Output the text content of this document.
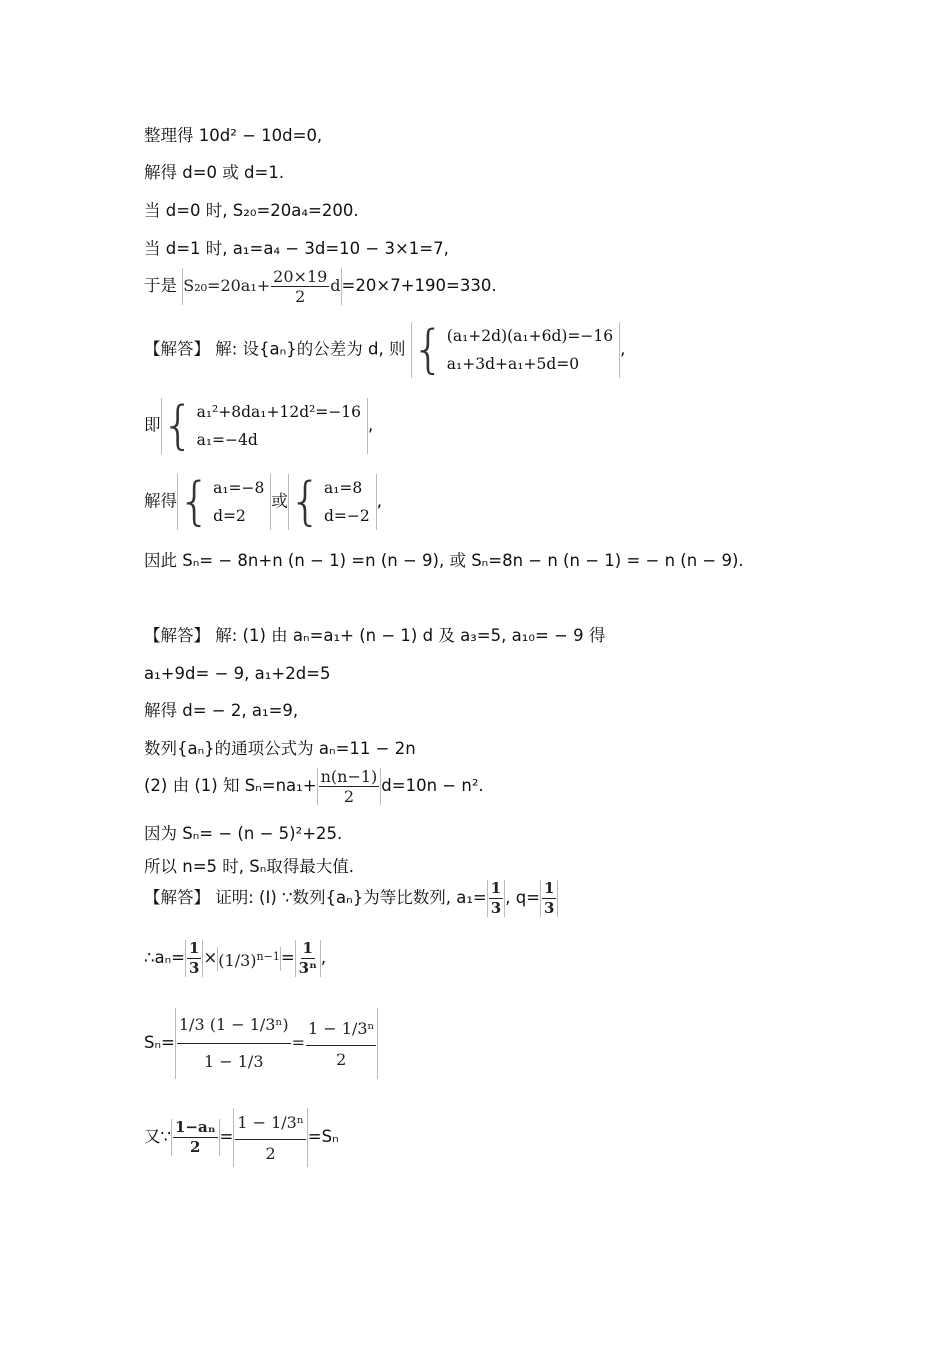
整理得 10d² − 10d=0,
解得 d=0 或 d=1.
当 d=0 时, S₂₀=20a₄=200.
当 d=1 时, a₁=a₄ − 3d=10 − 3×1=7,
于是 $S_{20}=20a_1+ \frac{20\times 19}{2} d=20\times 7+190=330$.
【解答】 解: 设{aₙ}的公差为 d, 则 { (a₁+2d)(a₁+6d)=−16
a₁+3d+a₁+5d=0
,
即 { a₁²+8da₁+12d²=−16
a₁=−4d
,
解得 { a₁=−8
d=2
或 { a₁=8
d=−2
,
因此 Sₙ= − 8n+n (n − 1) =n (n − 9), 或 Sₙ=8n − n (n − 1) = − n (n − 9).
【解答】 解: (1) 由 aₙ=a₁+ (n − 1) d 及 a₃=5, a₁₀= − 9 得
a₁+9d= − 9, a₁+2d=5
解得 d= − 2, a₁=9,
数列{aₙ}的通项公式为 aₙ=11 − 2n
(2) 由 (1) 知 $S_n=na_1+ \frac{n(n-1)}{2} d=10n - n^2$.
因为 Sₙ= − (n − 5)²+25.
所以 n=5 时, Sₙ取得最大值.
【解答】 证明: (Ⅰ) ∵数列{aₙ}为等比数列, $a_1= \frac{1}{3}$ , $q= \frac{1}{3}$
∴aₙ= $\frac{1}{3} \times(1/3)^{n-1}= \frac{1}{\text{3ⁿ}}$ ,
$S_n= \frac{\text{1/3 (1 − 1/3ⁿ)}}{1 - 1/3} = \frac{\text{1 − 1/3ⁿ}}{2}$
又∵ $\frac{\text{1−aₙ}}{2} = \frac{\text{1 − 1/3ⁿ}}{2} =S_n$
